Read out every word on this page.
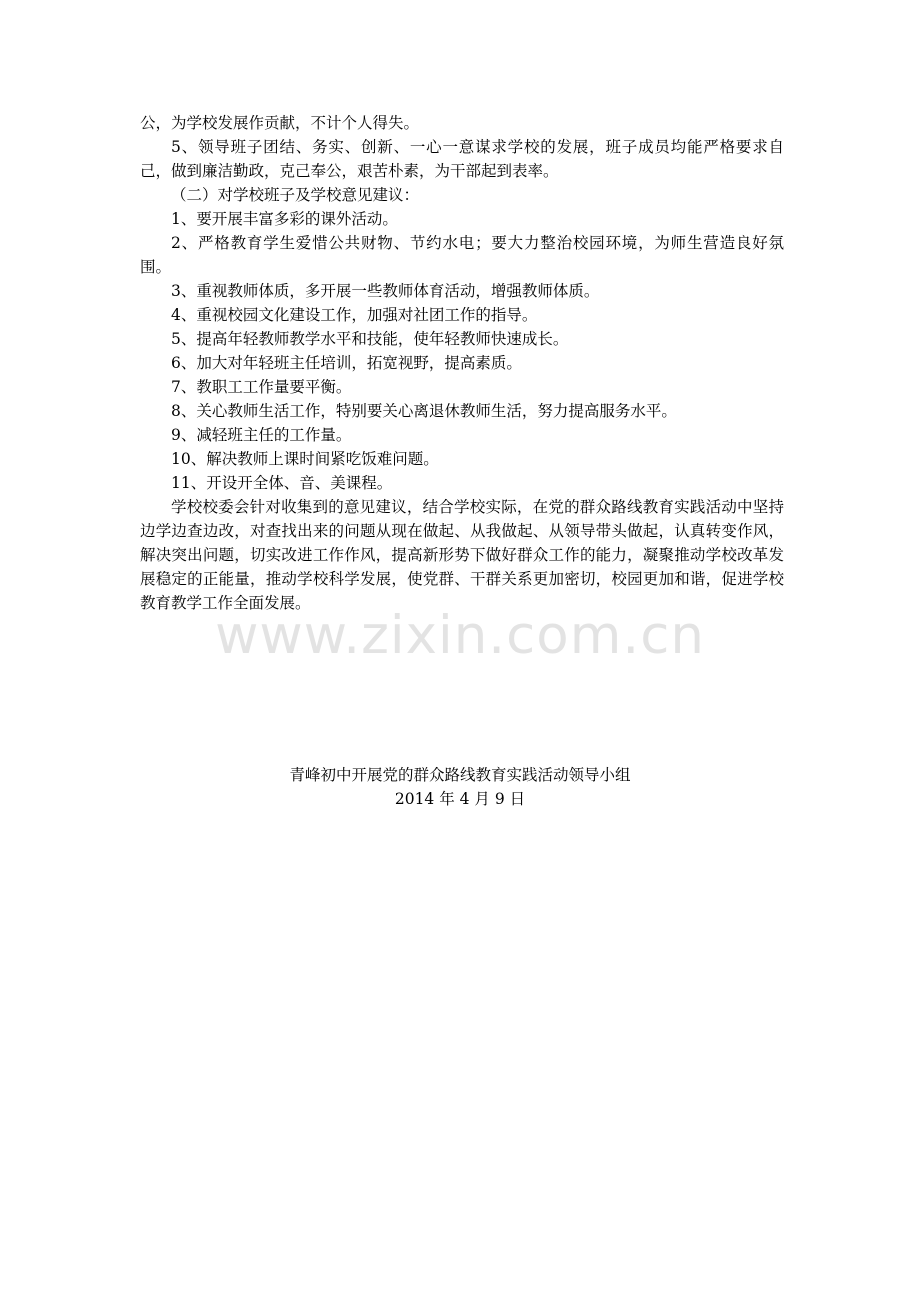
公，为学校发展作贡献，不计个人得失。

5、领导班子团结、务实、创新、一心一意谋求学校的发展，班子成员均能严格要求自己，做到廉洁勤政，克己奉公，艰苦朴素，为干部起到表率。

（二）对学校班子及学校意见建议：

1、要开展丰富多彩的课外活动。

2、严格教育学生爱惜公共财物、节约水电；要大力整治校园环境，为师生营造良好氛围。

3、重视教师体质，多开展一些教师体育活动，增强教师体质。

4、重视校园文化建设工作，加强对社团工作的指导。

5、提高年轻教师教学水平和技能，使年轻教师快速成长。

6、加大对年轻班主任培训，拓宽视野，提高素质。

7、教职工工作量要平衡。

8、关心教师生活工作，特别要关心离退休教师生活，努力提高服务水平。

9、减轻班主任的工作量。

10、解决教师上课时间紧吃饭难问题。

11、开设开全体、音、美课程。

学校校委会针对收集到的意见建议，结合学校实际，在党的群众路线教育实践活动中坚持边学边查边改，对查找出来的问题从现在做起、从我做起、从领导带头做起，认真转变作风，解决突出问题，切实改进工作作风，提高新形势下做好群众工作的能力，凝聚推动学校改革发展稳定的正能量，推动学校科学发展，使党群、干群关系更加密切，校园更加和谐，促进学校教育教学工作全面发展。

www.zixin.com.cn
青峰初中开展党的群众路线教育实践活动领导小组
2014 年 4 月 9 日
